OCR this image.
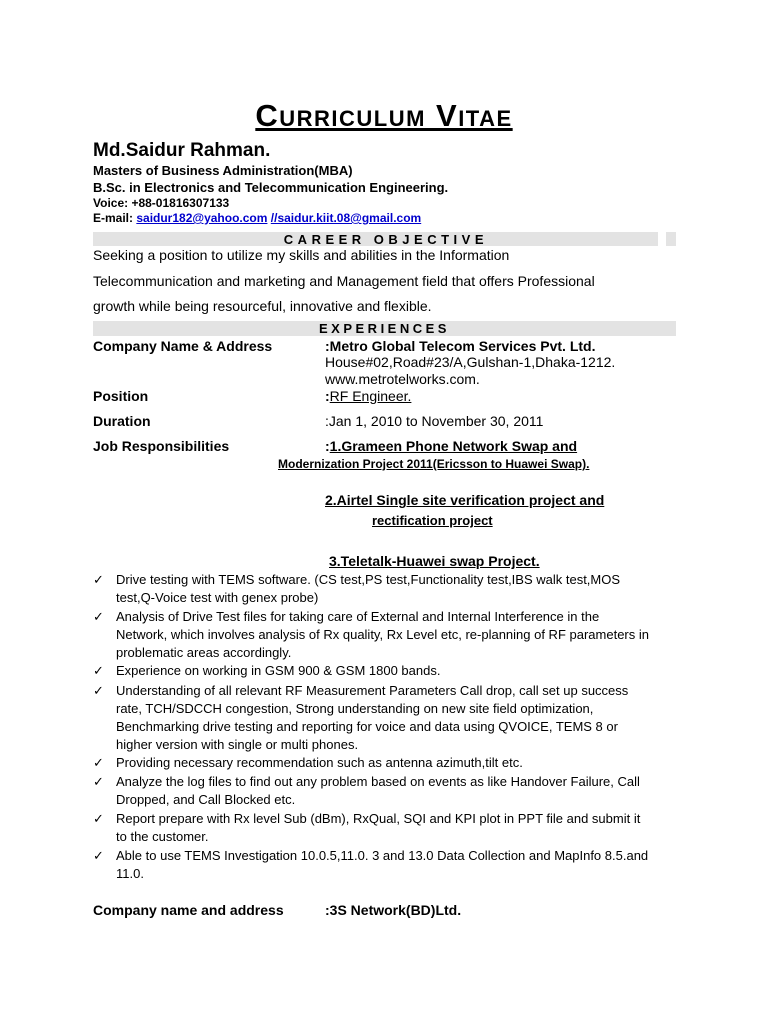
Curriculum Vitae
Md.Saidur Rahman.
Masters of Business Administration(MBA)
B.Sc. in Electronics and Telecommunication Engineering.
Voice: +88-01816307133
E-mail: saidur182@yahoo.com //saidur.kiit.08@gmail.com
CAREER OBJECTIVE
Seeking a position to utilize my skills and abilities in the Information
Telecommunication and marketing and Management field that offers Professional
growth while being resourceful, innovative and flexible.
EXPERIENCES
Company Name & Address	:Metro Global Telecom Services Pvt. Ltd.
House#02,Road#23/A,Gulshan-1,Dhaka-1212.
www.metrotelworks.com.
Position	:RF Engineer.
Duration	:Jan 1, 2010 to November 30, 2011
Job Responsibilities	:1.Grameen Phone Network Swap and
Modernization Project 2011(Ericsson to Huawei Swap).
2.Airtel Single site verification project and
rectification project
3.Teletalk-Huawei swap Project.
✓ Drive testing with TEMS software. (CS test,PS test,Functionality test,IBS walk test,MOS test,Q-Voice test with genex probe)
✓ Analysis of Drive Test files for taking care of External and Internal Interference in the Network, which involves analysis of Rx quality, Rx Level etc, re-planning of RF parameters in problematic areas accordingly.
✓ Experience on working in GSM 900 & GSM 1800 bands.
✓ Understanding of all relevant RF Measurement Parameters Call drop, call set up success rate, TCH/SDCCH congestion, Strong understanding on new site field optimization, Benchmarking drive testing and reporting for voice and data using QVOICE, TEMS 8 or higher version with single or multi phones.
✓ Providing necessary recommendation such as antenna azimuth,tilt etc.
✓ Analyze the log files to find out any problem based on events as like Handover Failure, Call Dropped, and Call Blocked etc.
✓ Report prepare with Rx level Sub (dBm), RxQual, SQI and KPI plot in PPT file and submit it to the customer.
✓ Able to use TEMS Investigation 10.0.5,11.0. 3 and 13.0 Data Collection and MapInfo 8.5.and 11.0.
Company name and address	:3S Network(BD)Ltd.
